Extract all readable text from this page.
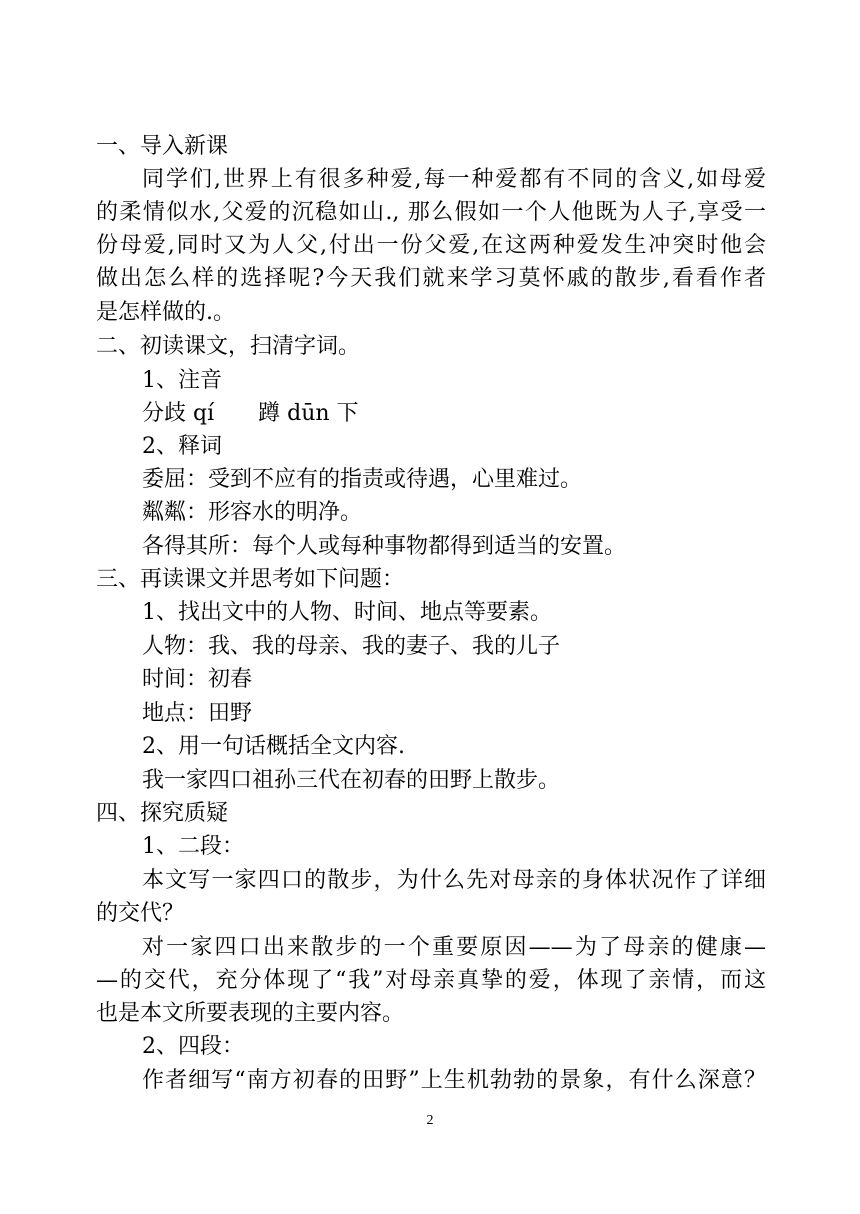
一、导入新课
同学们,世界上有很多种爱,每一种爱都有不同的含义,如母爱
的柔情似水,父爱的沉稳如山., 那么假如一个人他既为人子,享受一
份母爱,同时又为人父,付出一份父爱,在这两种爱发生冲突时他会
做出怎么样的选择呢?今天我们就来学习莫怀戚的散步,看看作者
是怎样做的.。
二、初读课文，扫清字词。
1、注音
分歧 qí　　蹲 dūn 下
2、释词
委屈：受到不应有的指责或待遇，心里难过。
粼粼：形容水的明净。
各得其所：每个人或每种事物都得到适当的安置。
三、再读课文并思考如下问题：
1、找出文中的人物、时间、地点等要素。
人物：我、我的母亲、我的妻子、我的儿子
时间：初春
地点：田野
2、用一句话概括全文内容.
我一家四口祖孙三代在初春的田野上散步。
四、探究质疑
1、二段：
本文写一家四口的散步，为什么先对母亲的身体状况作了详细
的交代？
对一家四口出来散步的一个重要原因——为了母亲的健康—
—的交代，充分体现了“我”对母亲真挚的爱，体现了亲情，而这
也是本文所要表现的主要内容。
2、四段：
作者细写“南方初春的田野”上生机勃勃的景象，有什么深意？
2
